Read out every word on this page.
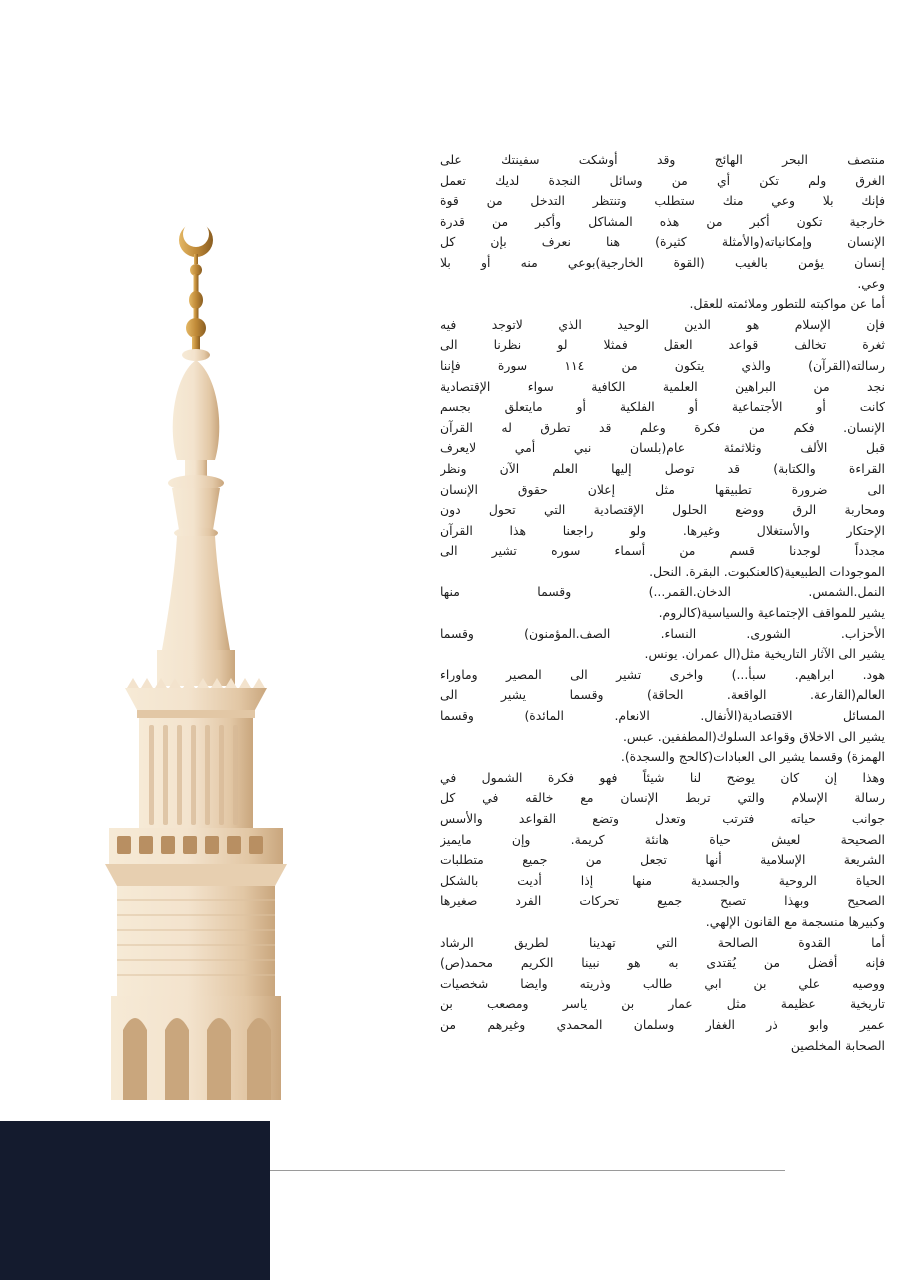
منتصف البحر الهائج وقد أوشكت سفينتك على
الغرق ولم تكن أي من وسائل النجدة لديك تعمل
فإنك بلا وعي منك ستطلب وتنتظر التدخل من قوة
خارجية تكون أكبر من هذه المشاكل وأكبر من قدرة
الإنسان وإمكانياته(والأمثلة كثيرة) هنا نعرف بإن كل
إنسان يؤمن بالغيب (القوة الخارجية)بوعي منه أو بلا
وعي.
أما عن مواكبته للتطور وملائمته للعقل.
فإن الإسلام هو الدين الوحيد الذي لاتوجد فيه
ثغرة تخالف قواعد العقل فمثلا لو نظرنا الى
رسالته(القرآن) والذي يتكون من ١١٤ سورة فإننا
نجد من البراهين العلمية الكافية سواء الإقتصادية
كانت أو الأجتماعية أو الفلكية أو مايتعلق بجسم
الإنسان. فكم من فكرة وعلم قد تطرق له القرآن
قبل الألف وثلاثمئة عام(بلسان نبي أمي لايعرف
القراءة والكتابة) قد توصل إليها العلم الآن ونظر
الى ضرورة تطبيقها مثل إعلان حقوق الإنسان
ومحاربة الرق ووضع الحلول الإقتصادية التي تحول دون
الإحتكار والأستغلال وغيرها. ولو راجعنا هذا القرآن
مجدداً لوجدنا قسم من أسماء سوره تشير الى
الموجودات الطبيعية(كالعنكبوت. البقرة. النحل.
النمل.الشمس. الدخان.القمر...) وقسما منها
يشير للمواقف الإجتماعية والسياسية(كالروم.
الأحزاب. الشورى. النساء. الصف.المؤمنون) وقسما
يشير الى الآثار التاريخية مثل(ال عمران. يونس.
هود. ابراهيم. سبأ...) واخرى تشير الى المصير وماوراء
العالم(القارعة. الواقعة. الحاقة) وقسما يشير الى
المسائل الاقتصادية(الأنفال. الانعام. المائدة) وقسما
يشير الى الاخلاق وقواعد السلوك(المطففين. عبس.
الهمزة) وقسما يشير الى العبادات(كالحج والسجدة).
وهذا إن كان يوضح لنا شيئاً فهو فكرة الشمول في
رسالة الإسلام والتي تربط الإنسان مع خالقه في كل
جوانب حياته فترتب وتعدل وتضع القواعد والأسس
الصحيحة لعيش حياة هانئة كريمة. وإن مايميز
الشريعة الإسلامية أنها تجعل من جميع متطلبات
الحياة الروحية والجسدية منها إذا أديت بالشكل
الصحيح وبهذا تصبح جميع تحركات الفرد صغيرها
وكبيرها منسجمة مع القانون الإلهي.
أما القدوة الصالحة التي تهدينا لطريق الرشاد
فإنه أفضل من يُقتدى به هو نبينا الكريم محمد(ص)
ووصيه علي بن ابي طالب وذريته وايضا شخصيات
تاريخية عظيمة مثل عمار بن ياسر ومصعب بن
عمير وابو ذر الغفار وسلمان المحمدي وغيرهم من
الصحابة المخلصين
